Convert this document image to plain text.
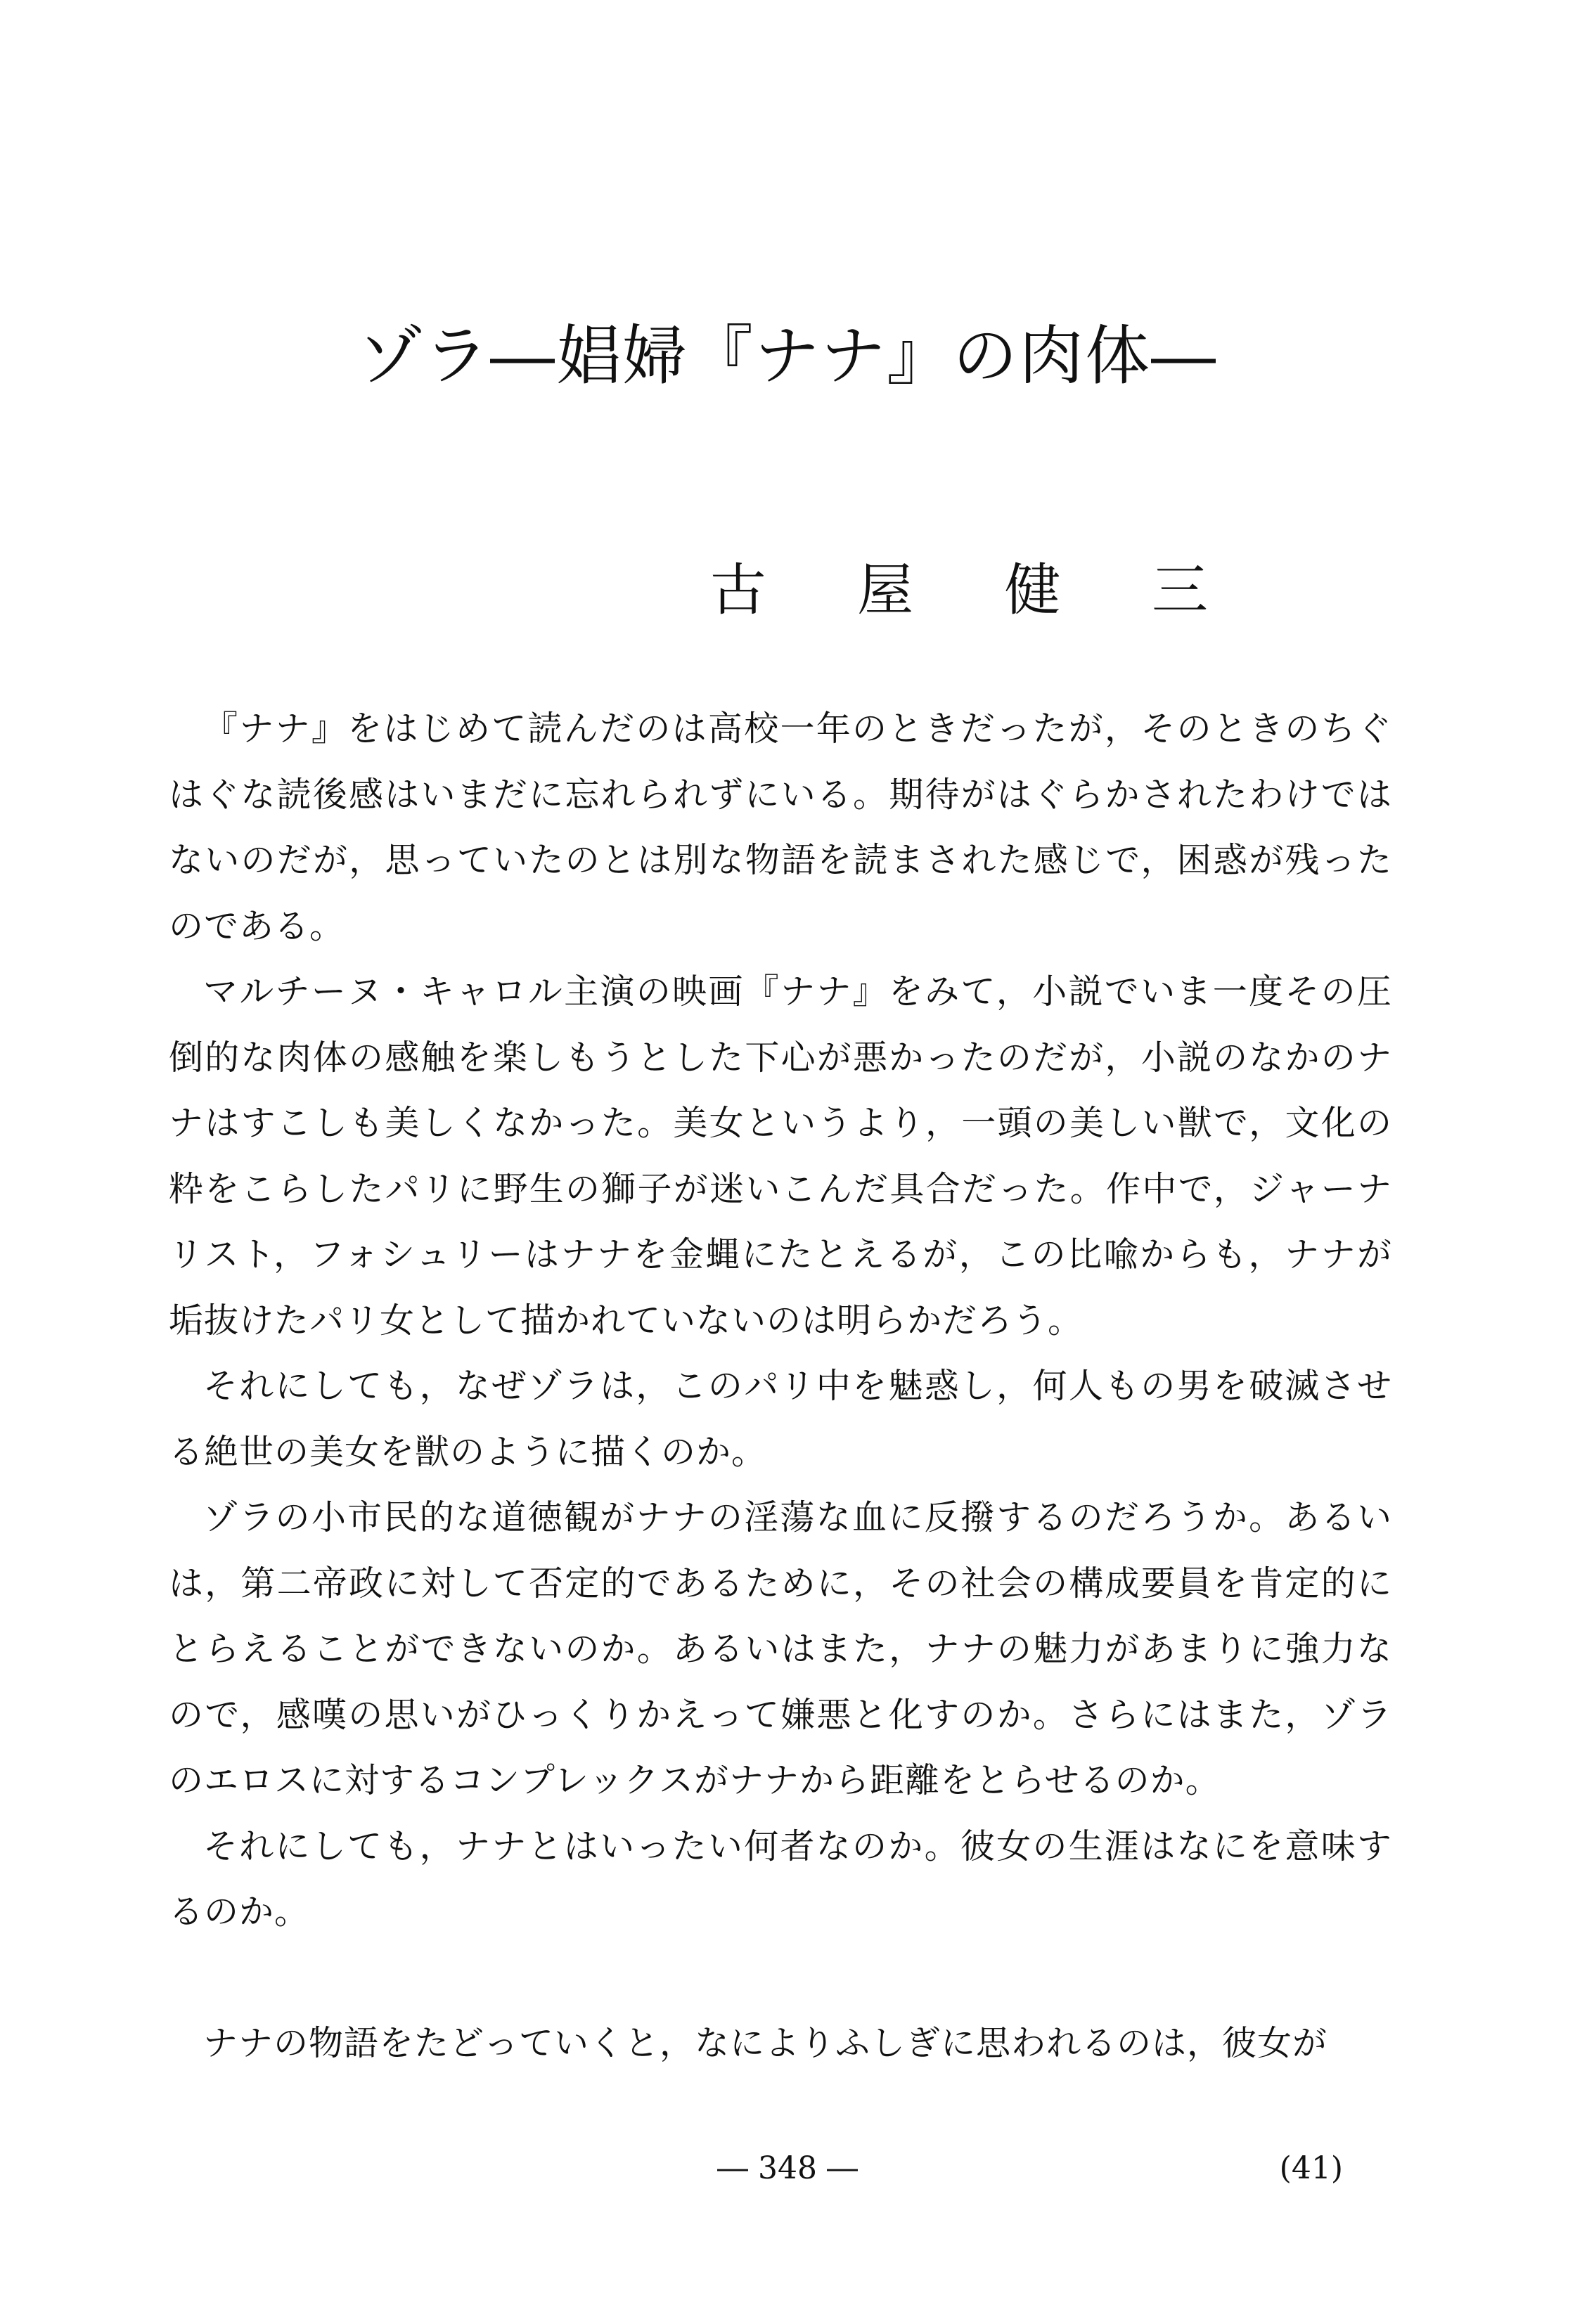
ゾラ―娼婦『ナナ』の肉体―
古 屋 健 三

『ナナ』をはじめて読んだのは高校一年のときだったが，そのときのちぐはぐな読後感はいまだに忘れられずにいる。期待がはぐらかされたわけではないのだが，思っていたのとは別な物語を読まされた感じで，困惑が残ったのである。

マルチーヌ・キャロル主演の映画『ナナ』をみて，小説でいま一度その圧倒的な肉体の感触を楽しもうとした下心が悪かったのだが，小説のなかのナナはすこしも美しくなかった。美女というより，一頭の美しい獣で，文化の粋をこらしたパリに野生の獅子が迷いこんだ具合だった。作中で，ジャーナリスト，フォシュリーはナナを金蝿にたとえるが，この比喩からも，ナナが垢抜けたパリ女として描かれていないのは明らかだろう。

それにしても，なぜゾラは，このパリ中を魅惑し，何人もの男を破滅させる絶世の美女を獣のように描くのか。

ゾラの小市民的な道徳観がナナの淫蕩な血に反撥するのだろうか。あるいは，第二帝政に対して否定的であるために，その社会の構成要員を肯定的にとらえることができないのか。あるいはまた，ナナの魅力があまりに強力なので，感嘆の思いがひっくりかえって嫌悪と化すのか。さらにはまた，ゾラのエロスに対するコンプレックスがナナから距離をとらせるのか。

それにしても，ナナとはいったい何者なのか。彼女の生涯はなにを意味するのか。

ナナの物語をたどっていくと，なによりふしぎに思われるのは，彼女が

― 348 ―	(41)
